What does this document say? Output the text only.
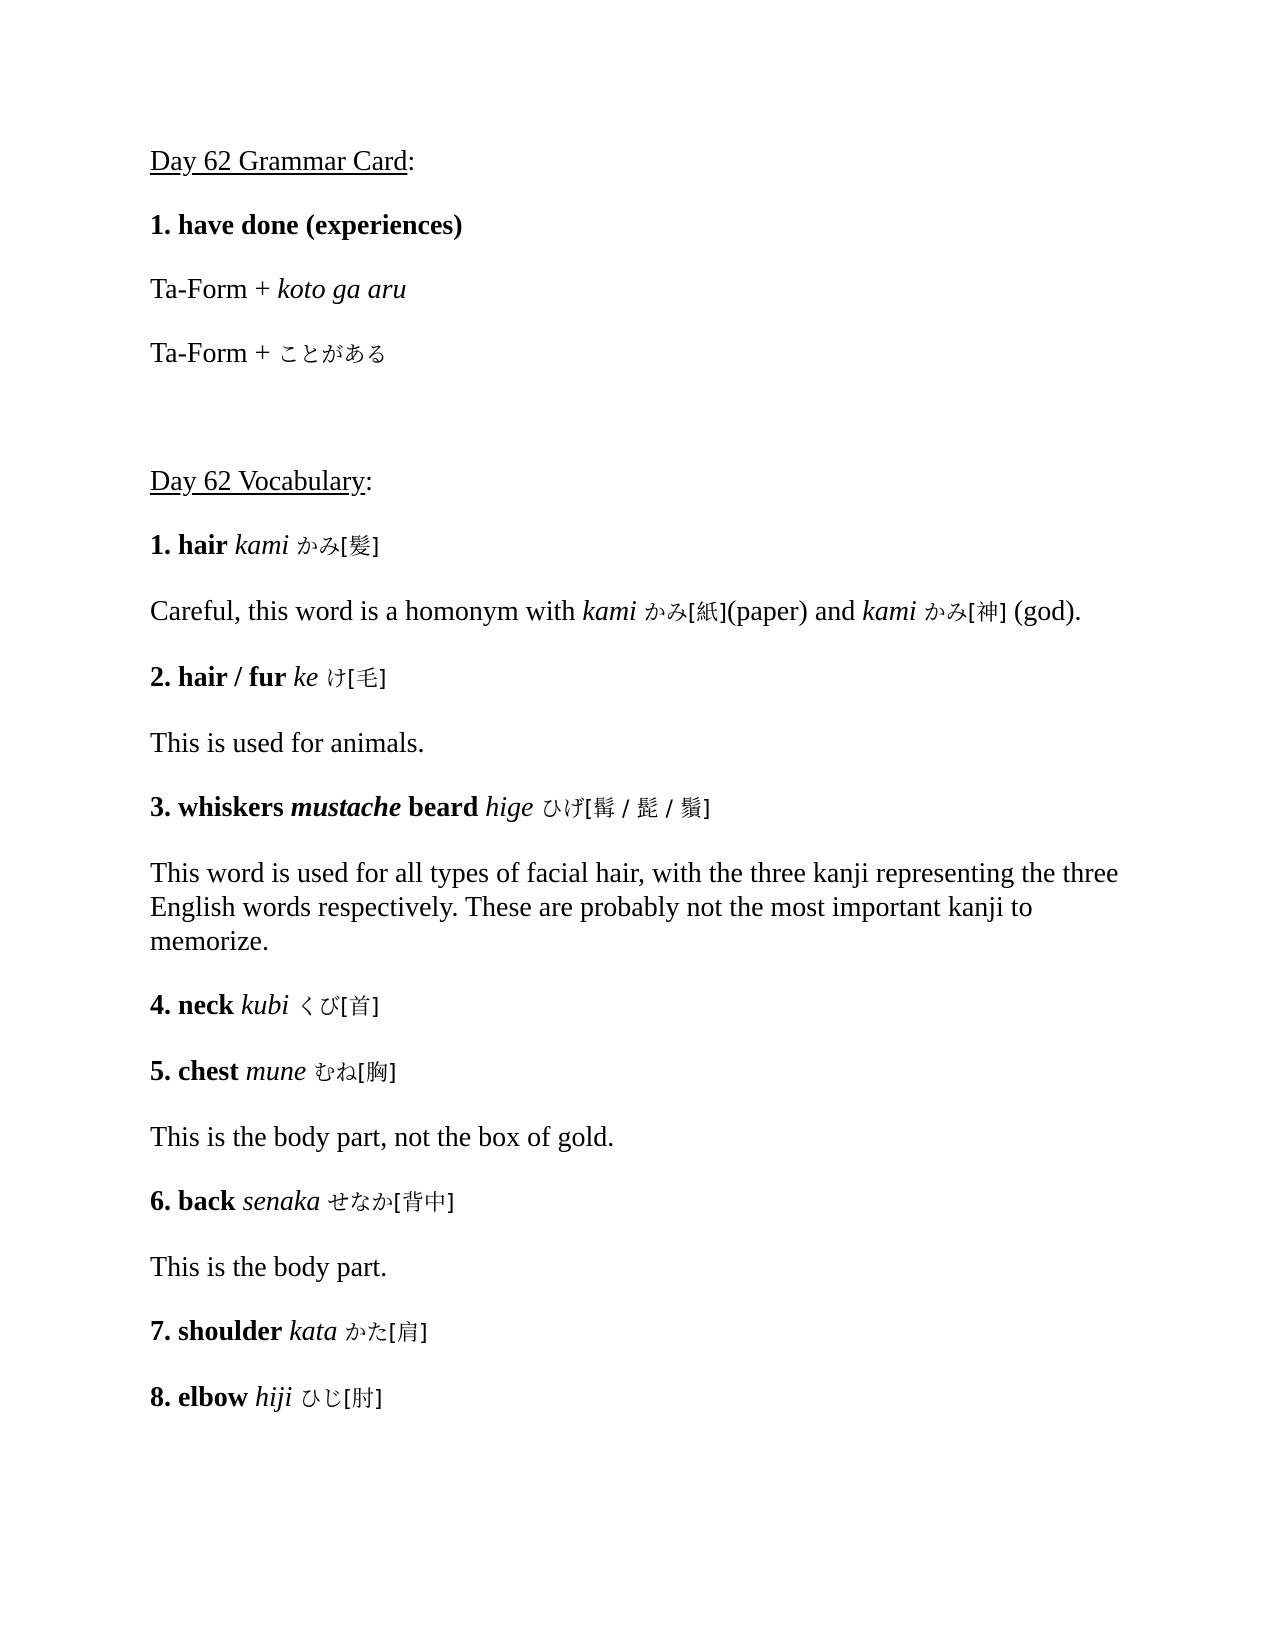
Day 62 Grammar Card:

1. have done (experiences)

Ta-Form + koto ga aru

Ta-Form + ことがある

Day 62 Vocabulary:

1. hair kami かみ[髪]

Careful, this word is a homonym with kami かみ[紙](paper) and kami かみ[神] (god).

2. hair / fur ke け[毛]

This is used for animals.

3. whiskers mustache beard hige ひげ[髯 / 髭 / 鬚]

This word is used for all types of facial hair, with the three kanji representing the three English words respectively. These are probably not the most important kanji to memorize.

4. neck kubi くび[首]

5. chest mune むね[胸]

This is the body part, not the box of gold.

6. back senaka せなか[背中]

This is the body part.

7. shoulder kata かた[肩]

8. elbow hiji ひじ[肘]
